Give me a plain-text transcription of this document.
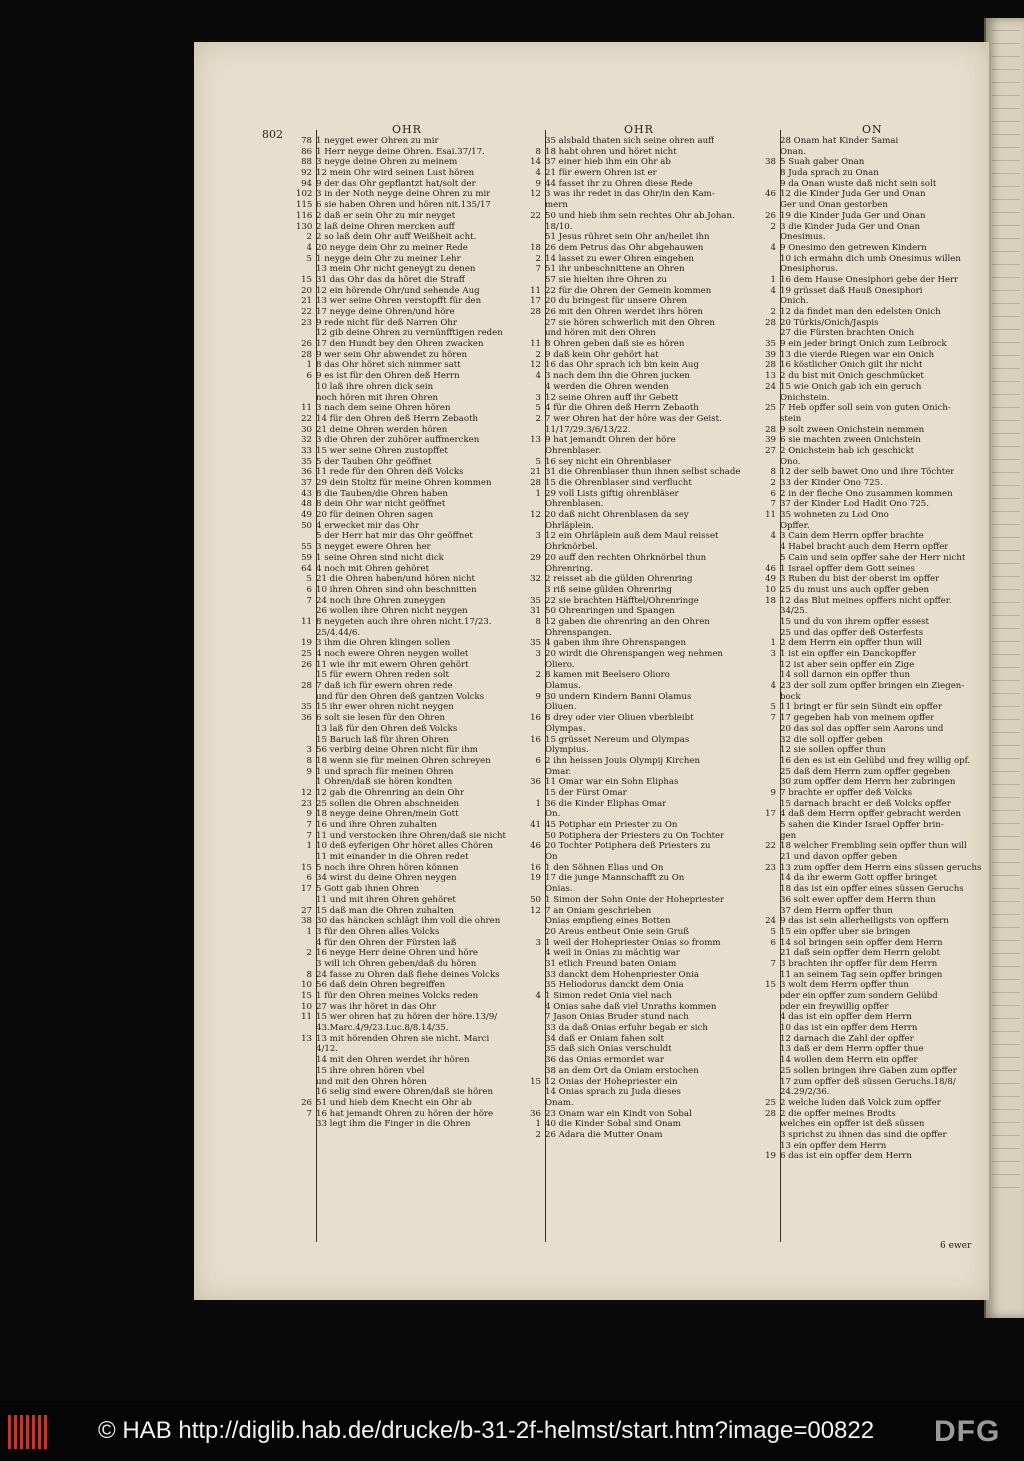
802	OHR	OHR	ON
78 1 neyget ewer Ohren zu mir
86 1 Herr neyge deine Ohren. Esai.37/17.
88 3 neyge deine Ohren zu meinem
92 12 mein Ohr wird seinen Lust hören
94 9 der das Ohr gepflantzt hat/solt der
102 3 in der Noth neyge deine Ohren zu mir
115 6 sie haben Ohren und hören nit.135/17
116 2 daß er sein Ohr zu mir neyget
130 2 laß deine Ohren mercken auff
2 2 so laß dein Ohr auff Weißheit acht.
4 20 neyge dein Ohr zu meiner Rede
5 1 neyge dein Ohr zu meiner Lehr
13 mein Ohr nicht geneygt zu denen
15 31 das Ohr das da höret die Straff
20 12 ein hörende Ohr/und sehende Aug
21 13 wer seine Ohren verstopfft für den
22 17 neyge deine Ohren/und höre
23 9 rede nicht für deß Narren Ohr
12 gib deine Ohren zu vernünfftigen reden
26 17 den Hundt bey den Ohren zwacken
28 9 wer sein Ohr abwendet zu hören
1 8 das Ohr höret sich nimmer satt
6 9 es ist für den Ohren deß Herrn
10 laß ihre ohren dick sein
noch hören mit ihren Ohren
11 3 nach dem seine Ohren hören
22 14 für den Ohren deß Herrn Zebaoth
30 21 deine Ohren werden hören
32 3 die Ohren der zuhörer auffmercken
33 15 wer seine Ohren zustopffet
35 5 der Tauben Ohr geöffnet
36 11 rede für den Ohren deß Volcks
37 29 dein Stoltz für meine Ohren kommen
43 8 die Tauben/die Ohren haben
48 8 dein Ohr war nicht geöffnet
49 20 für deinen Ohren sagen
50 4 erwecket mir das Ohr
5 der Herr hat mir das Ohr geöffnet
55 3 neyget ewere Ohren her
59 1 seine Ohren sind nicht dick
64 4 noch mit Ohren gehöret
5 21 die Ohren haben/und hören nicht
6 10 ihren Ohren sind ohn beschnitten
7 24 noch ihre Ohren zuneygen
26 wollen ihre Ohren nicht neygen
11 8 neygeten auch ihre ohren nicht.17/23.
25/4.44/6.
19 3 ihm die Ohren klingen sollen
25 4 noch ewere Ohren neygen wollet
26 11 wie ihr mit ewern Ohren gehört
15 für ewern Ohren reden solt
28 7 daß ich für ewern ohren rede
und für den Ohren deß gantzen Volcks
35 15 ihr ewer ohren nicht neygen
36 6 solt sie lesen für den Ohren
13 laß für den Ohren deß Volcks
15 Baruch laß für ihren Ohren
3 56 verbirg deine Ohren nicht für ihm
8 18 wenn sie für meinen Ohren schreyen
9 1 und sprach für meinen Ohren
1 Ohren/daß sie hören kondten
12 12 gab die Ohrenring an dein Ohr
23 25 sollen die Ohren abschneiden
9 18 neyge deine Ohren/mein Gott
7 16 und ihre Ohren zuhalten
7 11 und verstocken ihre Ohren/daß sie nicht
1 10 deß eyferigen Ohr höret alles Chören
11 mit einander in die Ohren redet
15 5 noch ihre Ohren hören können
6 34 wirst du deine Ohren neygen
17 5 Gott gab ihnen Ohren
11 und mit ihren Ohren gehöret
27 15 daß man die Ohren zuhalten
38 30 das häncken schlägt ihm voll die ohren
1 3 für den Ohren alles Volcks
4 für den Ohren der Fürsten laß
2 16 neyge Herr deine Ohren und höre
3 will ich Ohren geben/daß du hören
8 24 fasse zu Ohren daß flehe deines Volcks
10 56 daß dein Ohren begreiffen
15 1 für den Ohren meines Volcks reden
10 27 was ihr höret in das Ohr
11 15 wer ohren hat zu hören der höre.13/9/
43.Marc.4/9/23.Luc.8/8.14/35.
13 13 mit hörenden Ohren sie nicht. Marci
4/12.
14 mit den Ohren werdet ihr hören
15 ihre ohren hören vbel
und mit den Ohren hören
16 selig sind ewere Ohren/daß sie hören
26 51 und hieb dem Knecht ein Ohr ab
7 16 hat jemandt Ohren zu hören der höre
33 legt ihm die Finger in die Ohren
35 alsbald thaten sich seine ohren auff
8 18 habt ohren und höret nicht
14 37 einer hieb ihm ein Ohr ab
4 21 für ewern Ohren ist er
9 44 fasset ihr zu Ohren diese Rede
12 3 was ihr redet in das Ohr/in den Kam-
mern
22 50 und hieb ihm sein rechtes Ohr ab.Johan.
18/10.
51 Jesus rühret sein Ohr an/heilet ihn
18 26 dem Petrus das Ohr abgehauwen
2 14 lasset zu ewer Ohren eingehen
7 51 ihr unbeschnittene an Ohren
57 sie hielten ihre Ohren zu
11 22 für die Ohren der Gemein kommen
17 20 du bringest für unsere Ohren
28 26 mit den Ohren werdet ihrs hören
27 sie hören schwerlich mit den Ohren
und hören mit den Ohren
11 8 Ohren geben daß sie es hören
2 9 daß kein Ohr gehört hat
12 16 das Ohr sprach ich bin kein Aug
4 3 nach dem ihn die Ohren jucken
4 werden die Ohren wenden
3 12 seine Ohren auff ihr Gebett
5 4 für die Ohren deß Herrn Zebaoth
2 7 wer Ohren hat der höre was der Geist.
11/17/29.3/6/13/22.
13 9 hat jemandt Ohren der höre
Ohrenblaser.
5 16 sey nicht ein Ohrenblaser
21 31 die Ohrenblaser thun ihnen selbst schade
28 15 die Ohrenblaser sind verflucht
1 29 voll Lists giftig ohrenbläser
Ohrenblasen.
12 20 daß nicht Ohrenblasen da sey
Ohrläplein.
3 12 ein Ohrläplein auß dem Maul reisset
Ohrknörbel.
29 20 auff den rechten Ohrknörbel thun
Ohrenring.
32 2 reisset ab die gülden Ohrenring
3 riß seine gülden Ohrenring
35 22 sie brachten Häfftel/Ohrenringe
31 50 Ohrenringen und Spangen
8 12 gaben die ohrenring an den Ohren
Ohrenspangen.
35 4 gaben ihm ihre Ohrenspangen
3 20 wirdt die Ohrenspangen weg nehmen
Oliero.
2 8 kamen mit Beelsero Olioro
Olamus.
9 30 undern Kindern Banni Olamus
Oliuen.
16 8 drey oder vier Oliuen vberbleibt
Olympas.
16 15 grüsset Nereum und Olympas
Olympius.
6 2 ihn heissen Jouis Olympij Kirchen
Omar.
36 11 Omar war ein Sohn Eliphas
15 der Fürst Omar
1 36 die Kinder Eliphas Omar
On.
41 45 Potiphar ein Priester zu On
50 Potiphera der Priesters zu On Tochter
46 20 Tochter Potiphera deß Priesters zu
On
16 1 den Söhnen Elias und On
19 17 die junge Mannschafft zu On
Onias.
50 1 Simon der Sohn Onie der Hohepriester
12 7 an Oniam geschrieben
Onias empfieng eines Botten
20 Areus entbeut Onie sein Gruß
3 1 weil der Hohepriester Onias so fromm
4 weil in Onias zu mächtig war
31 etlich Freund baten Oniam
33 danckt dem Hohenpriester Onia
35 Heliodorus danckt dem Onia
4 1 Simon redet Onia viel nach
4 Onias sahe daß viel Unraths kommen
7 Jason Onias Bruder stund nach
33 da daß Onias erfuhr begab er sich
34 daß er Oniam fahen solt
35 daß sich Onias verschuldt
36 das Onias ermordet war
38 an dem Ort da Oniam erstochen
15 12 Onias der Hohepriester ein
14 Onias sprach zu Juda dieses
Onam.
36 23 Onam war ein Kindt von Sobal
1 40 die Kinder Sobal sind Onam
2 26 Adara die Mutter Onam
28 Onam hat Kinder Samai
Onan.
38 5 Suah gaber Onan
8 Juda sprach zu Onan
9 da Onan wuste daß nicht sein solt
46 12 die Kinder Juda Ger und Onan
Ger und Onan gestorben
26 19 die Kinder Juda Ger und Onan
2 3 die Kinder Juda Ger und Onan
Onesimus.
4 9 Onesimo den getrewen Kindern
10 ich ermahn dich umb Onesimus willen
Onesiphorus.
1 16 dem Hause Onesiphori gebe der Herr
4 19 grüsset daß Hauß Onesiphori
Onich.
2 12 da findet man den edelsten Onich
28 20 Türkis/Onich/Jaspis
27 die Fürsten brachten Onich
35 9 ein jeder bringt Onich zum Leibrock
39 13 die vierde Riegen war ein Onich
28 16 köstlicher Onich gilt ihr nicht
13 2 du bist mit Onich geschmücket
24 15 wie Onich gab ich ein geruch
Onichstein.
25 7 Heb opffer soll sein von guten Onich-
stein
28 9 solt zween Onichstein nemmen
39 6 sie machten zween Onichstein
27 2 Onichstein hab ich geschickt
Ono.
8 12 der selb bawet Ono und ihre Töchter
2 33 der Kinder Ono 725.
6 2 in der fleche Ono zusammen kommen
7 37 der Kinder Lod Hadit Ono 725.
11 35 wohneten zu Lod Ono
Opffer.
4 3 Cain dem Herrn opffer brachte
4 Habel bracht auch dem Herrn opffer
5 Cain und sein opffer sahe der Herr nicht
46 1 Israel opffer dem Gott seines
49 3 Ruben du bist der oberst im opffer
10 25 du must uns auch opffer geben
18 12 das Blut meines opffers nicht opffer.
34/25.
15 und du von ihrem opffer essest
25 und das opffer deß Osterfests
1 2 dem Herrn ein opffer thun will
3 1 ist ein opffer ein Danckopffer
12 ist aber sein opffer ein Zige
14 soll darnon ein opffer thun
4 23 der soll zum opffer bringen ein Ziegen-
bock
5 11 bringt er für sein Sündt ein opffer
7 17 gegeben hab von meinem opffer
20 das sol das opffer sein Aarons und
32 die soll opffer geben
12 sie sollen opffer thun
16 den es ist ein Gelübd und frey willig opf.
25 daß dem Herrn zum opffer gegeben
30 zum opffer dem Herrn her zubringen
9 7 brachte er opffer deß Volcks
15 darnach bracht er deß Volcks opffer
17 4 daß dem Herrn opffer gebracht werden
5 sahen die Kinder Israel Opffer brin-
gen
22 18 welcher Frembling sein opffer thun will
21 und davon opffer geben
23 13 zum opffer dem Herrn eins süssen geruchs
14 da ihr ewerm Gott opffer bringet
18 das ist ein opffer eines süssen Geruchs
36 solt ewer opffer dem Herrn thun
37 dem Herrn opffer thun
24 9 das ist sein allerheiligsts von opffern
5 15 ein opffer uber sie bringen
6 14 sol bringen sein opffer dem Herrn
21 daß sein opffer dem Herrn gelobt
7 3 brachten ihr opffer für dem Herrn
11 an seinem Tag sein opffer bringen
15 3 wolt dem Herrn opffer thun
oder ein opffer zum sondern Gelübd
oder ein freywillig opffer
4 das ist ein opffer dem Herrn
10 das ist ein opffer dem Herrn
12 darnach die Zahl der opffer
13 daß er dem Herrn opffer thue
14 wollen dem Herrn ein opffer
25 sollen bringen ihre Gaben zum opffer
17 zum opffer deß süssen Geruchs.18/8/
24.29/2/36.
25 2 welche luden daß Volck zum opffer
28 2 die opffer meines Brodts
welches ein opffer ist deß süssen
3 sprichst zu ihnen das sind die opffer
13 ein opffer dem Herrn
19 6 das ist ein opffer dem Herrn
6 ewer
© HAB http://diglib.hab.de/drucke/b-31-2f-helmst/start.htm?image=00822 DFG
